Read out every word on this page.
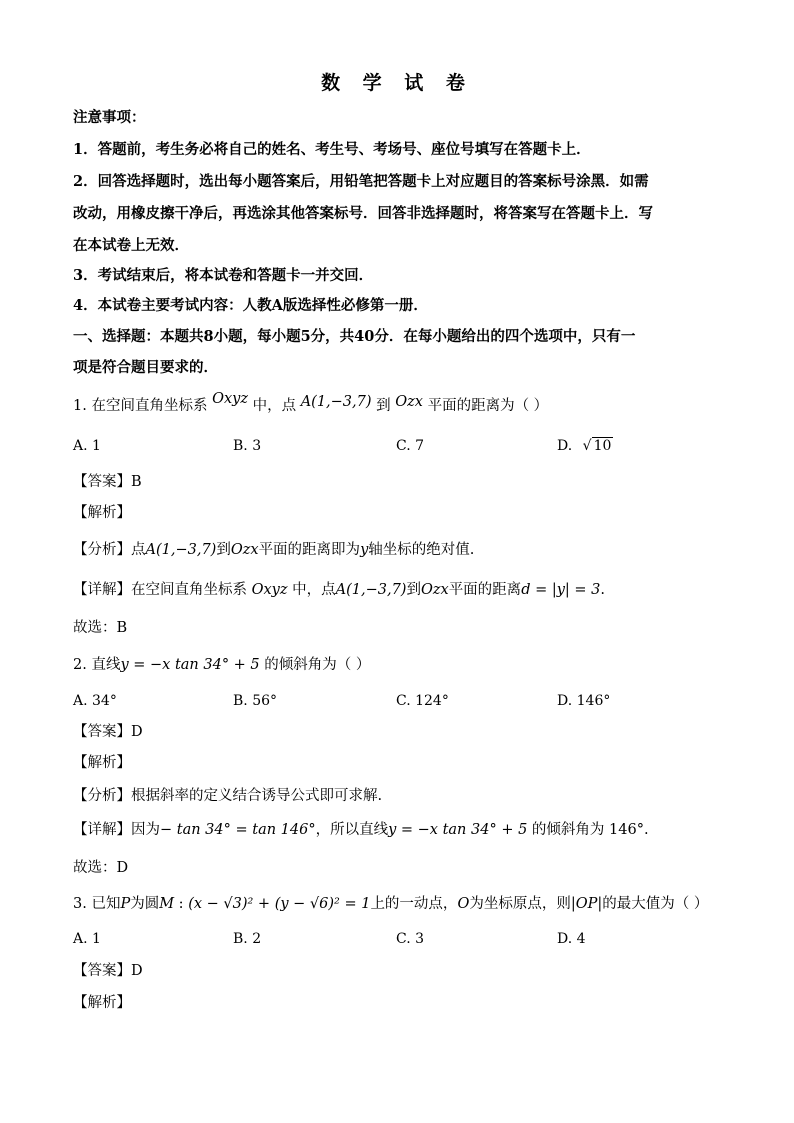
数 学 试 卷
注意事项：
1．答题前，考生务必将自己的姓名、考生号、考场号、座位号填写在答题卡上．
2．回答选择题时，选出每小题答案后，用铅笔把答题卡上对应题目的答案标号涂黑．如需
改动，用橡皮擦干净后，再选涂其他答案标号．回答非选择题时，将答案写在答题卡上．写
在本试卷上无效．
3．考试结束后，将本试卷和答题卡一并交回．
4．本试卷主要考试内容：人教A版选择性必修第一册．
一、选择题：本题共8小题，每小题5分，共40分．在每小题给出的四个选项中，只有一
项是符合题目要求的．
1. 在空间直角坐标系 Oxyz 中，点 A(1,−3,7) 到 Ozx 平面的距离为（ ）
A. 1	B. 3	C. 7	D. √ 10
【答案】B
【解析】
【分析】点A(1,−3,7)到Ozx平面的距离即为y轴坐标的绝对值.
【详解】在空间直角坐标系 Oxyz 中，点A(1,−3,7)到Ozx平面的距离d = |y| = 3.
故选：B
2. 直线y = −x tan 34° + 5 的倾斜角为（ ）
A. 34°	B. 56°	C. 124°	D. 146°
【答案】D
【解析】
【分析】根据斜率的定义结合诱导公式即可求解.
【详解】因为− tan 34° = tan 146°，所以直线y = −x tan 34° + 5 的倾斜角为 146°.
故选：D
3. 已知P为圆M : (x − √3)² + (y − √6)² = 1上的一动点，O为坐标原点，则|OP|的最大值为（ ）
A. 1	B. 2	C. 3	D. 4
【答案】D
【解析】
